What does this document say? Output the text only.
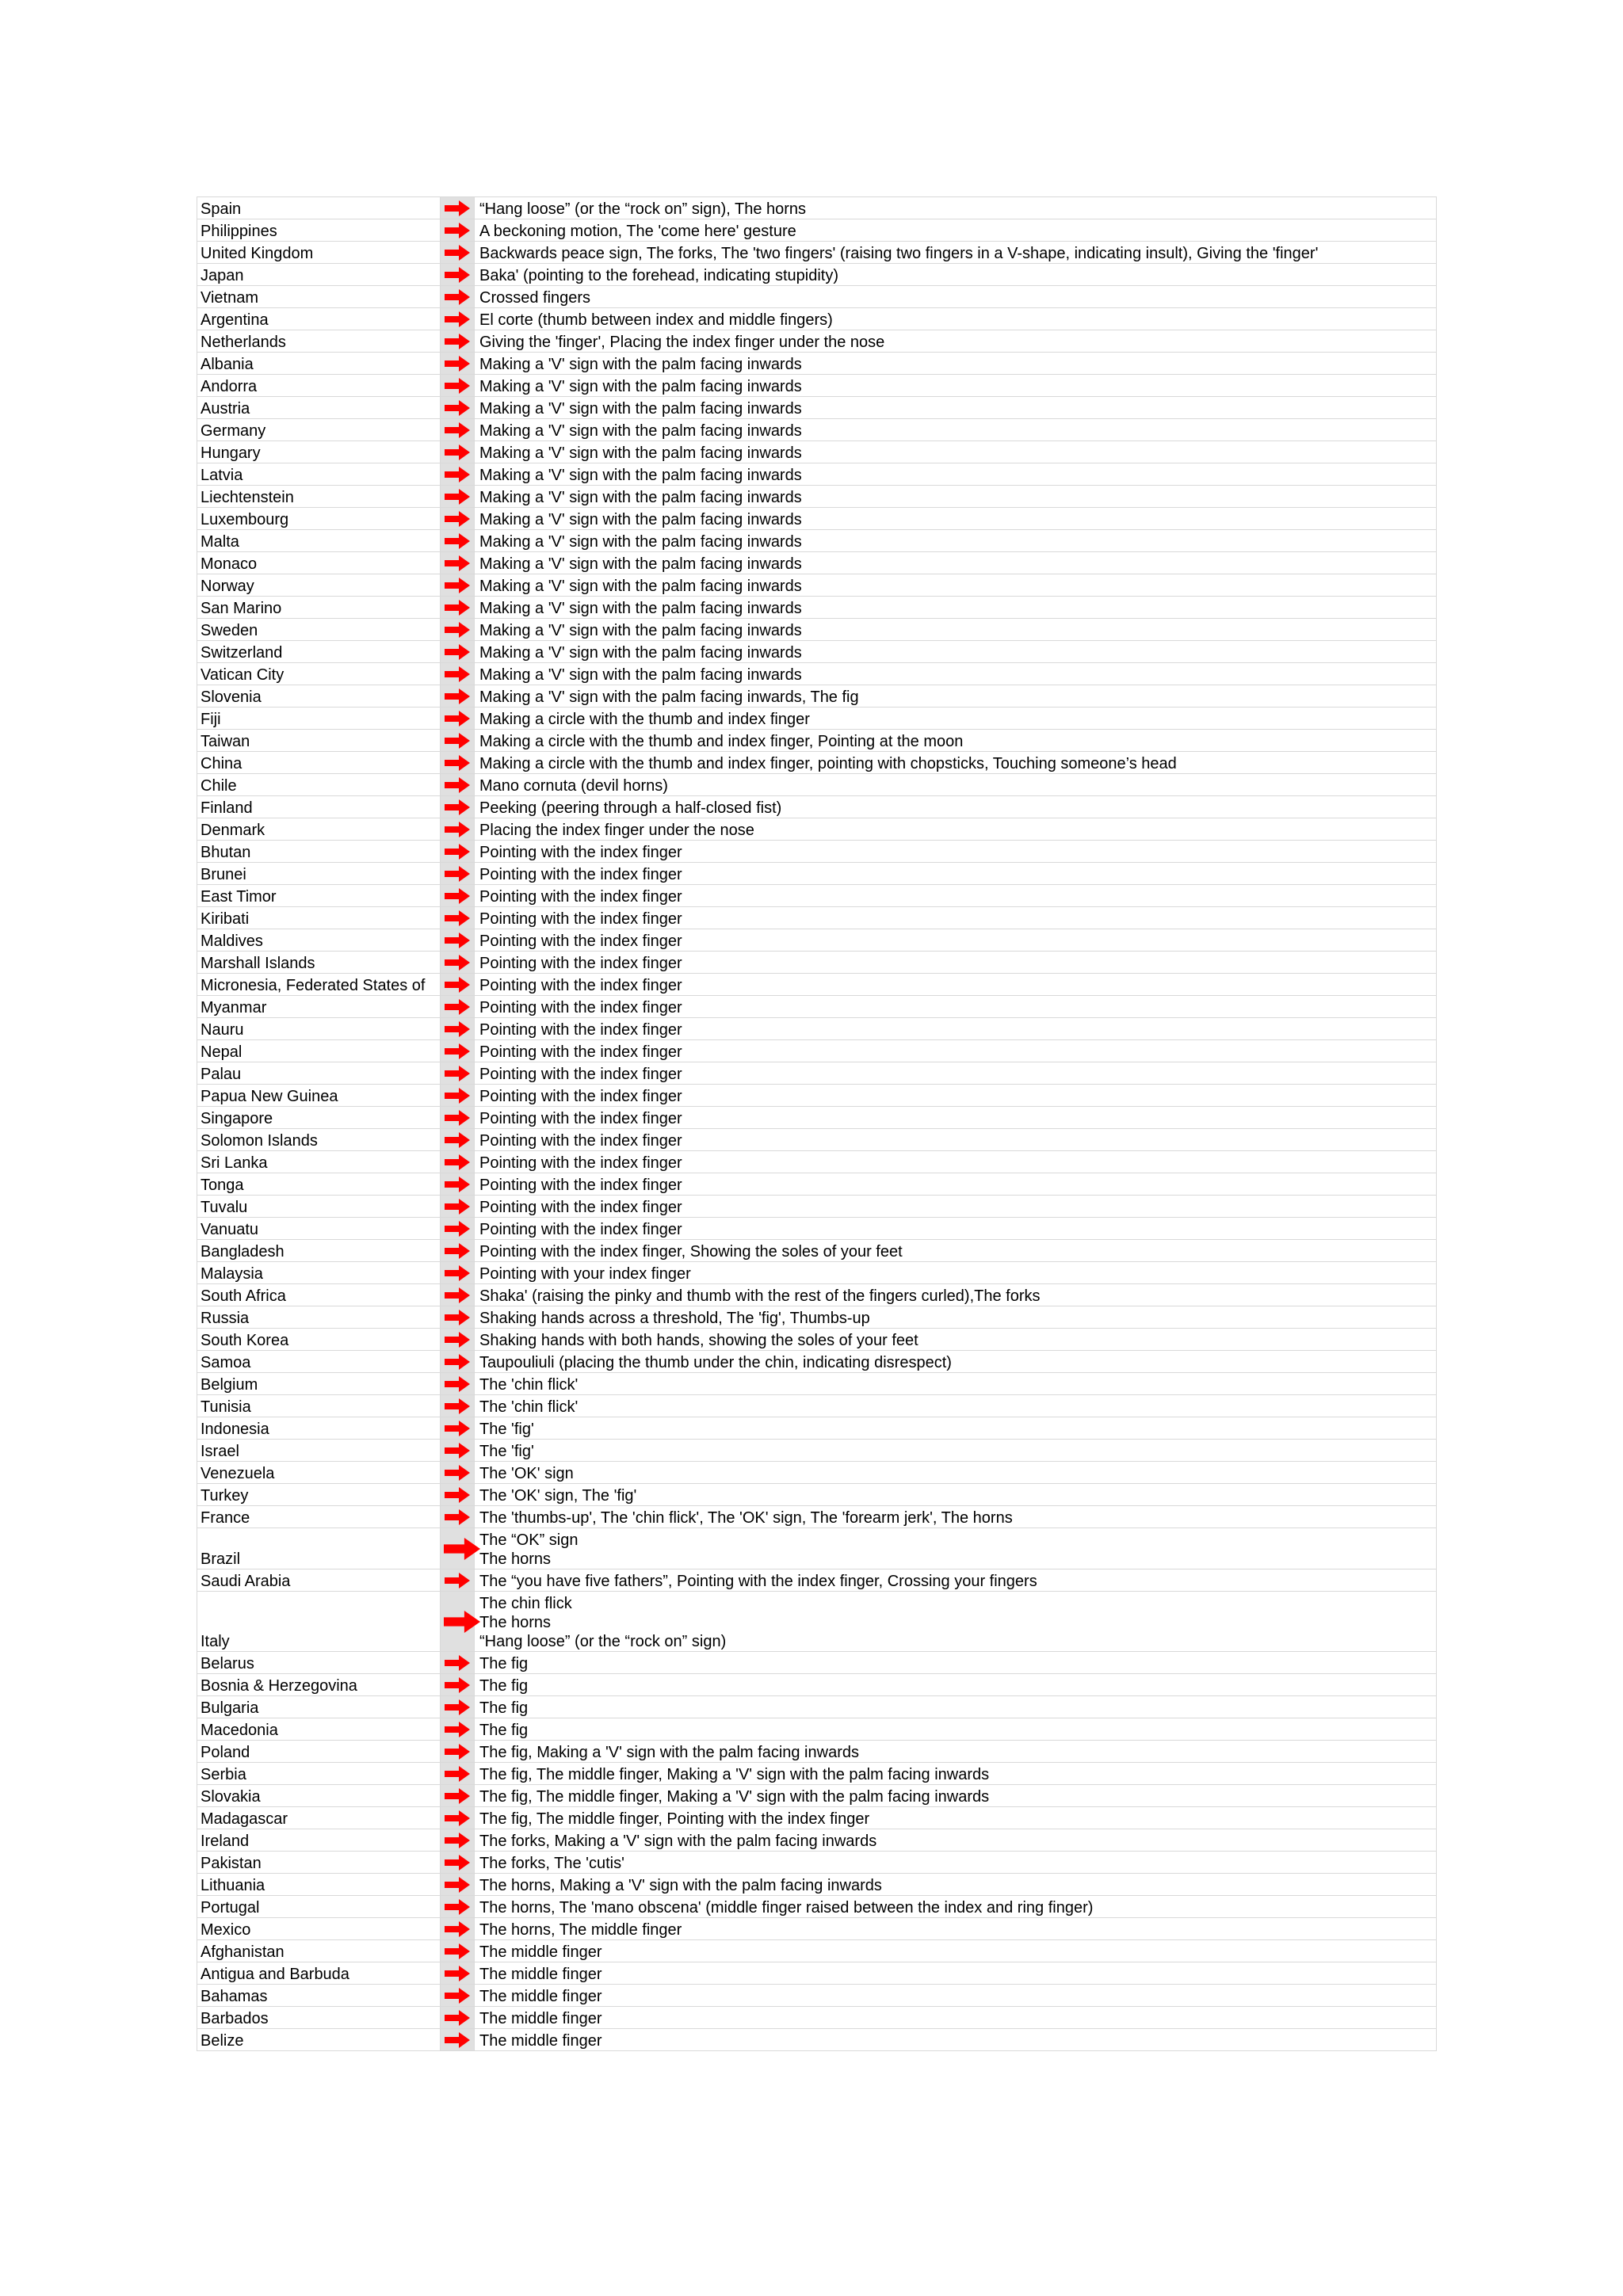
Spain		“Hang loose” (or the “rock on” sign), The horns
Philippines		A beckoning motion, The 'come here' gesture
United Kingdom		Backwards peace sign, The forks, The 'two fingers' (raising two fingers in a V-shape, indicating insult), Giving the 'finger'
Japan		Baka' (pointing to the forehead, indicating stupidity)
Vietnam		Crossed fingers
Argentina		El corte (thumb between index and middle fingers)
Netherlands		Giving the 'finger', Placing the index finger under the nose
Albania		Making a 'V' sign with the palm facing inwards
Andorra		Making a 'V' sign with the palm facing inwards
Austria		Making a 'V' sign with the palm facing inwards
Germany		Making a 'V' sign with the palm facing inwards
Hungary		Making a 'V' sign with the palm facing inwards
Latvia		Making a 'V' sign with the palm facing inwards
Liechtenstein		Making a 'V' sign with the palm facing inwards
Luxembourg		Making a 'V' sign with the palm facing inwards
Malta		Making a 'V' sign with the palm facing inwards
Monaco		Making a 'V' sign with the palm facing inwards
Norway		Making a 'V' sign with the palm facing inwards
San Marino		Making a 'V' sign with the palm facing inwards
Sweden		Making a 'V' sign with the palm facing inwards
Switzerland		Making a 'V' sign with the palm facing inwards
Vatican City		Making a 'V' sign with the palm facing inwards
Slovenia		Making a 'V' sign with the palm facing inwards, The fig
Fiji		Making a circle with the thumb and index finger
Taiwan		Making a circle with the thumb and index finger, Pointing at the moon
China		Making a circle with the thumb and index finger, pointing with chopsticks, Touching someone’s head
Chile		Mano cornuta (devil horns)
Finland		Peeking (peering through a half-closed fist)
Denmark		Placing the index finger under the nose
Bhutan		Pointing with the index finger
Brunei		Pointing with the index finger
East Timor		Pointing with the index finger
Kiribati		Pointing with the index finger
Maldives		Pointing with the index finger
Marshall Islands		Pointing with the index finger
Micronesia, Federated States of		Pointing with the index finger
Myanmar		Pointing with the index finger
Nauru		Pointing with the index finger
Nepal		Pointing with the index finger
Palau		Pointing with the index finger
Papua New Guinea		Pointing with the index finger
Singapore		Pointing with the index finger
Solomon Islands		Pointing with the index finger
Sri Lanka		Pointing with the index finger
Tonga		Pointing with the index finger
Tuvalu		Pointing with the index finger
Vanuatu		Pointing with the index finger
Bangladesh		Pointing with the index finger, Showing the soles of your feet
Malaysia		Pointing with your index finger
South Africa		Shaka' (raising the pinky and thumb with the rest of the fingers curled),The forks
Russia		Shaking hands across a threshold, The 'fig', Thumbs-up
South Korea		Shaking hands with both hands, showing the soles of your feet
Samoa		Taupouliuli (placing the thumb under the chin, indicating disrespect)
Belgium		The 'chin flick'
Tunisia		The 'chin flick'
Indonesia		The 'fig'
Israel		The 'fig'
Venezuela		The 'OK' sign
Turkey		The 'OK' sign, The 'fig'
France		The 'thumbs-up', The 'chin flick', The 'OK' sign, The 'forearm jerk', The horns
Brazil		The “OK” sign
The horns

Saudi Arabia		The “you have five fathers”, Pointing with the index finger, Crossing your fingers
Italy		The chin flick
The horns
“Hang loose” (or the “rock on” sign)

Belarus		The fig
Bosnia & Herzegovina		The fig
Bulgaria		The fig
Macedonia		The fig
Poland		The fig, Making a 'V' sign with the palm facing inwards
Serbia		The fig, The middle finger, Making a 'V' sign with the palm facing inwards
Slovakia		The fig, The middle finger, Making a 'V' sign with the palm facing inwards
Madagascar		The fig, The middle finger, Pointing with the index finger
Ireland		The forks, Making a 'V' sign with the palm facing inwards
Pakistan		The forks, The 'cutis'
Lithuania		The horns, Making a 'V' sign with the palm facing inwards
Portugal		The horns, The 'mano obscena' (middle finger raised between the index and ring finger)
Mexico		The horns, The middle finger
Afghanistan		The middle finger
Antigua and Barbuda		The middle finger
Bahamas		The middle finger
Barbados		The middle finger
Belize		The middle finger
